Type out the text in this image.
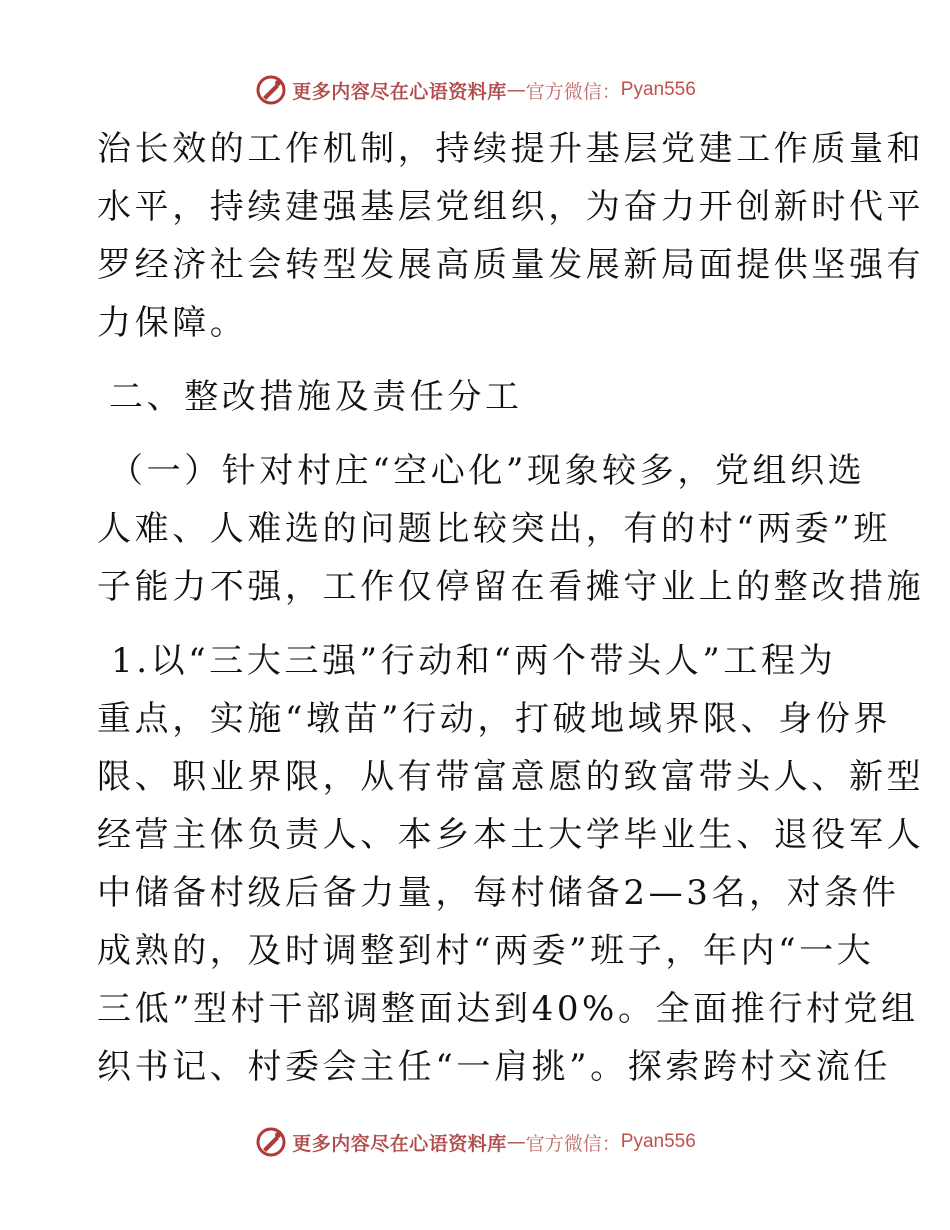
更多内容尽在心语资料库 — 官方微信 ： Pyan556
治长效的工作机制，持续提升基层党建工作质量和
水平，持续建强基层党组织，为奋力开创新时代平
罗经济社会转型发展高质量发展新局面提供坚强有
力保障。
二、整改措施及责任分工
（一）针对村庄“空心化”现象较多，党组织选
人难、人难选的问题比较突出，有的村“两委”班
子能力不强，工作仅停留在看摊守业上的整改措施
1.以“三大三强”行动和“两个带头人”工程为
重点，实施“墩苗”行动，打破地域界限、身份界
限、职业界限，从有带富意愿的致富带头人、新型
经营主体负责人、本乡本土大学毕业生、退役军人
中储备村级后备力量，每村储备2—3名，对条件
成熟的，及时调整到村“两委”班子，年内“一大
三低”型村干部调整面达到40%。全面推行村党组
织书记、村委会主任“一肩挑”。探索跨村交流任
更多内容尽在心语资料库 — 官方微信 ： Pyan556
